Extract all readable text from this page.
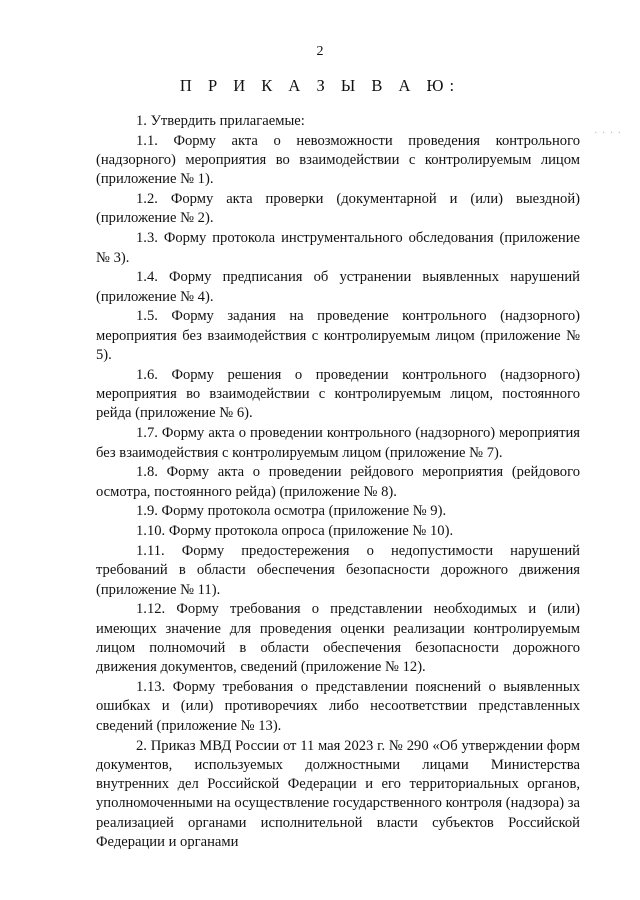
2
П Р И К А З Ы В А Ю:
· · · ·

1. Утвердить прилагаемые:

1.1. Форму акта о невозможности проведения контрольного (надзорного) мероприятия во взаимодействии с контролируемым лицом (приложение № 1).

1.2. Форму акта проверки (документарной и (или) выездной) (приложение № 2).

1.3. Форму протокола инструментального обследования (приложение № 3).

1.4. Форму предписания об устранении выявленных нарушений (приложение № 4).

1.5. Форму задания на проведение контрольного (надзорного) мероприятия без взаимодействия с контролируемым лицом (приложение № 5).

1.6. Форму решения о проведении контрольного (надзорного) мероприятия во взаимодействии с контролируемым лицом, постоянного рейда (приложение № 6).

1.7. Форму акта о проведении контрольного (надзорного) мероприятия без взаимодействия с контролируемым лицом (приложение № 7).

1.8. Форму акта о проведении рейдового мероприятия (рейдового осмотра, постоянного рейда) (приложение № 8).

1.9. Форму протокола осмотра (приложение № 9).

1.10. Форму протокола опроса (приложение № 10).

1.11. Форму предостережения о недопустимости нарушений требований в области обеспечения безопасности дорожного движения (приложение № 11).

1.12. Форму требования о представлении необходимых и (или) имеющих значение для проведения оценки реализации контролируемым лицом полномочий в области обеспечения безопасности дорожного движения документов, сведений (приложение № 12).

1.13. Форму требования о представлении пояснений о выявленных ошибках и (или) противоречиях либо несоответствии представленных сведений (приложение № 13).

2. Приказ МВД России от 11 мая 2023 г. № 290 «Об утверждении форм документов, используемых должностными лицами Министерства внутренних дел Российской Федерации и его территориальных органов, уполномоченными на осуществление государственного контроля (надзора) за реализацией органами исполнительной власти субъектов Российской Федерации и органами
